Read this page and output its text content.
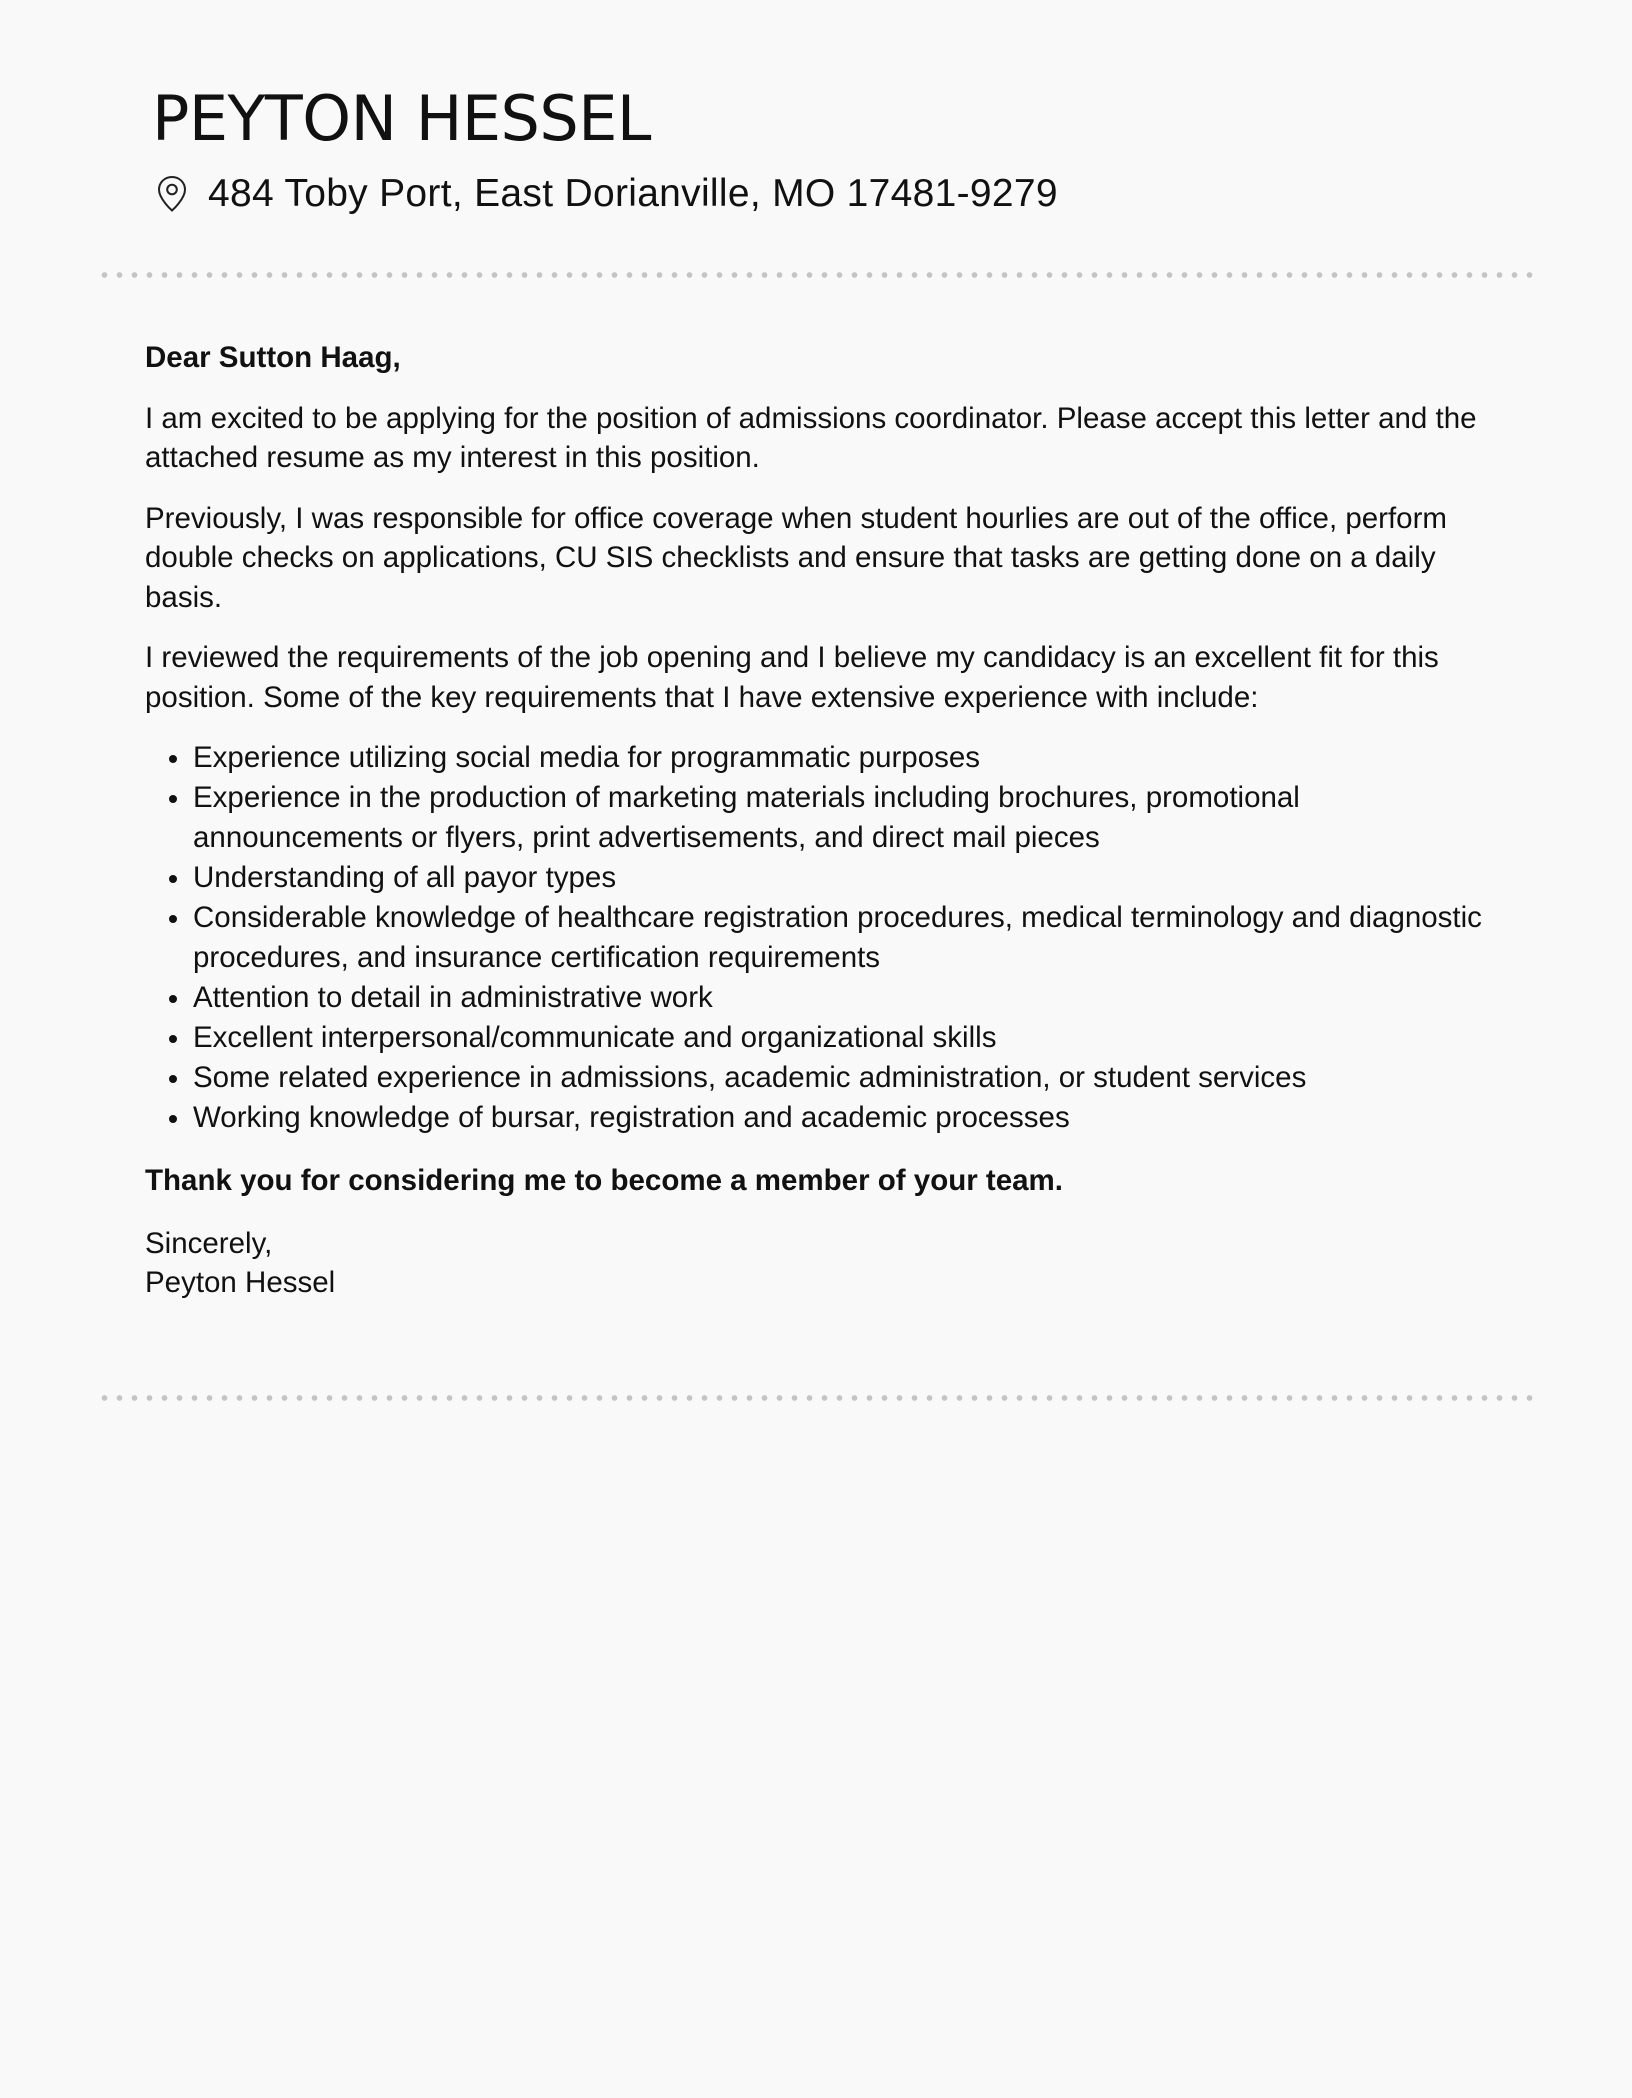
PEYTON HESSEL
484 Toby Port, East Dorianville, MO 17481-9279

Dear Sutton Haag,

I am excited to be applying for the position of admissions coordinator. Please accept this letter and the attached resume as my interest in this position.

Previously, I was responsible for office coverage when student hourlies are out of the office, perform double checks on applications, CU SIS checklists and ensure that tasks are getting done on a daily basis.

I reviewed the requirements of the job opening and I believe my candidacy is an excellent fit for this position. Some of the key requirements that I have extensive experience with include:

Experience utilizing social media for programmatic purposes
Experience in the production of marketing materials including brochures, promotional announcements or flyers, print advertisements, and direct mail pieces
Understanding of all payor types
Considerable knowledge of healthcare registration procedures, medical terminology and diagnostic procedures, and insurance certification requirements
Attention to detail in administrative work
Excellent interpersonal/communicate and organizational skills
Some related experience in admissions, academic administration, or student services
Working knowledge of bursar, registration and academic processes

Thank you for considering me to become a member of your team.

Sincerely,
Peyton Hessel
